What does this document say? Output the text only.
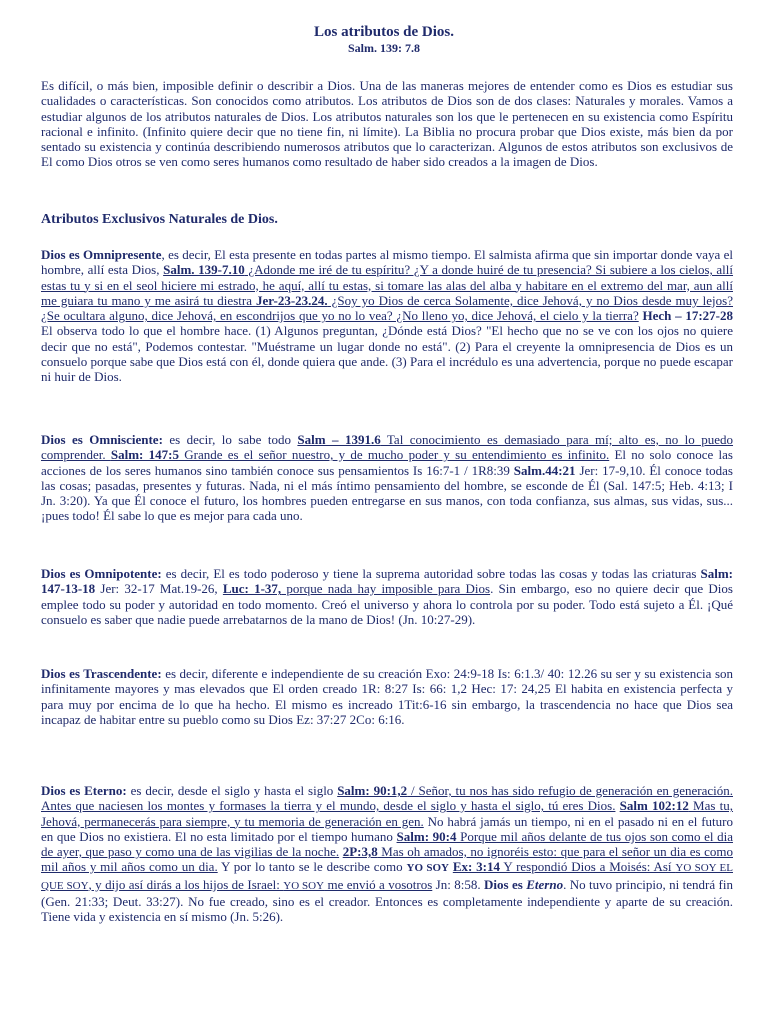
Los atributos de Dios.
Salm. 139: 7.8

Es difícil, o más bien, imposible definir o describir a Dios. Una de las maneras mejores de entender como es Dios es estudiar sus cualidades o características. Son conocidos como atributos. Los atributos de Dios son de dos clases: Naturales y morales. Vamos a estudiar algunos de los atributos naturales de Dios. Los atributos naturales son los que le pertenecen en su existencia como Espíritu racional e infinito. (Infinito quiere decir que no tiene fin, ni límite). La Biblia no procura probar que Dios existe, más bien da por sentado su existencia y continúa describiendo numerosos atributos que lo caracterizan. Algunos de estos atributos son exclusivos de El como Dios otros se ven como seres humanos como resultado de haber sido creados a la imagen de Dios.

Atributos Exclusivos Naturales de Dios.

Dios es Omnipresente, es decir, El esta presente en todas partes al mismo tiempo. El salmista afirma que sin importar donde vaya el hombre, allí esta Dios, Salm. 139-7.10 ¿Adonde me iré de tu espíritu? ¿Y a donde huiré de tu presencia? Si subiere a los cielos, allí estas tu y si en el seol hiciere mi estrado, he aquí, allí tu estas, si tomare las alas del alba y habitare en el extremo del mar, aun allí me guiara tu mano y me asirá tu diestra Jer-23-23.24. ¿Soy yo Dios de cerca Solamente, dice Jehová, y no Dios desde muy lejos? ¿Se ocultara alguno, dice Jehová, en escondrijos que yo no lo vea? ¿No lleno yo, dice Jehová, el cielo y la tierra? Hech – 17:27-28 El observa todo lo que el hombre hace. (1) Algunos preguntan, ¿Dónde está Dios? "El hecho que no se ve con los ojos no quiere decir que no está", Podemos contestar. "Muéstrame un lugar donde no está". (2) Para el creyente la omnipresencia de Dios es un consuelo porque sabe que Dios está con él, donde quiera que ande. (3) Para el incrédulo es una advertencia, porque no puede escapar ni huir de Dios.

Dios es Omnisciente: es decir, lo sabe todo Salm – 1391.6 Tal conocimiento es demasiado para mí; alto es, no lo puedo comprender. Salm: 147:5 Grande es el señor nuestro, y de mucho poder y su entendimiento es infinito. El no solo conoce las acciones de los seres humanos sino también conoce sus pensamientos Is 16:7-1 / 1R8:39 Salm.44:21 Jer: 17-9,10. Él conoce todas las cosas; pasadas, presentes y futuras. Nada, ni el más íntimo pensamiento del hombre, se esconde de Él (Sal. 147:5; Heb. 4:13; I Jn. 3:20). Ya que Él conoce el futuro, los hombres pueden entregarse en sus manos, con toda confianza, sus almas, sus vidas, sus... ¡pues todo! Él sabe lo que es mejor para cada uno.

Dios es Omnipotente: es decir, El es todo poderoso y tiene la suprema autoridad sobre todas las cosas y todas las criaturas Salm: 147-13-18 Jer: 32-17 Mat.19-26, Luc: 1-37, porque nada hay imposible para Dios. Sin embargo, eso no quiere decir que Dios emplee todo su poder y autoridad en todo momento. Creó el universo y ahora lo controla por su poder. Todo está sujeto a Él. ¡Qué consuelo es saber que nadie puede arrebatarnos de la mano de Dios! (Jn. 10:27-29).

Dios es Trascendente: es decir, diferente e independiente de su creación Exo: 24:9-18 Is: 6:1.3/ 40: 12.26 su ser y su existencia son infinitamente mayores y mas elevados que El orden creado 1R: 8:27 Is: 66: 1,2 Hec: 17: 24,25 El habita en existencia perfecta y para muy por encima de lo que ha hecho. El mismo es increado 1Tit:6-16 sin embargo, la trascendencia no hace que Dios sea incapaz de habitar entre su pueblo como su Dios Ez: 37:27 2Co: 6:16.

Dios es Eterno: es decir, desde el siglo y hasta el siglo Salm: 90:1,2 / Señor, tu nos has sido refugio de generación en generación. Antes que naciesen los montes y formases la tierra y el mundo, desde el siglo y hasta el siglo, tú eres Dios. Salm 102:12 Mas tu, Jehová, permanecerás para siempre, y tu memoria de generación en gen. No habrá jamás un tiempo, ni en el pasado ni en el futuro en que Dios no existiera. El no esta limitado por el tiempo humano Salm: 90:4 Porque mil años delante de tus ojos son como el dia de ayer, que paso y como una de las vigilias de la noche. 2P:3,8 Mas oh amados, no ignoréis esto: que para el señor un dia es como mil años y mil años como un dia. Y por lo tanto se le describe como YO SOY Ex: 3:14 Y respondió Dios a Moisés: Así YO SOY EL QUE SOY, y dijo así dirás a los hijos de Israel: YO SOY me envió a vosotros Jn: 8:58. Dios es Eterno. No tuvo principio, ni tendrá fin (Gen. 21:33; Deut. 33:27). No fue creado, sino es el creador. Entonces es completamente independiente y aparte de su creación. Tiene vida y existencia en sí mismo (Jn. 5:26).
